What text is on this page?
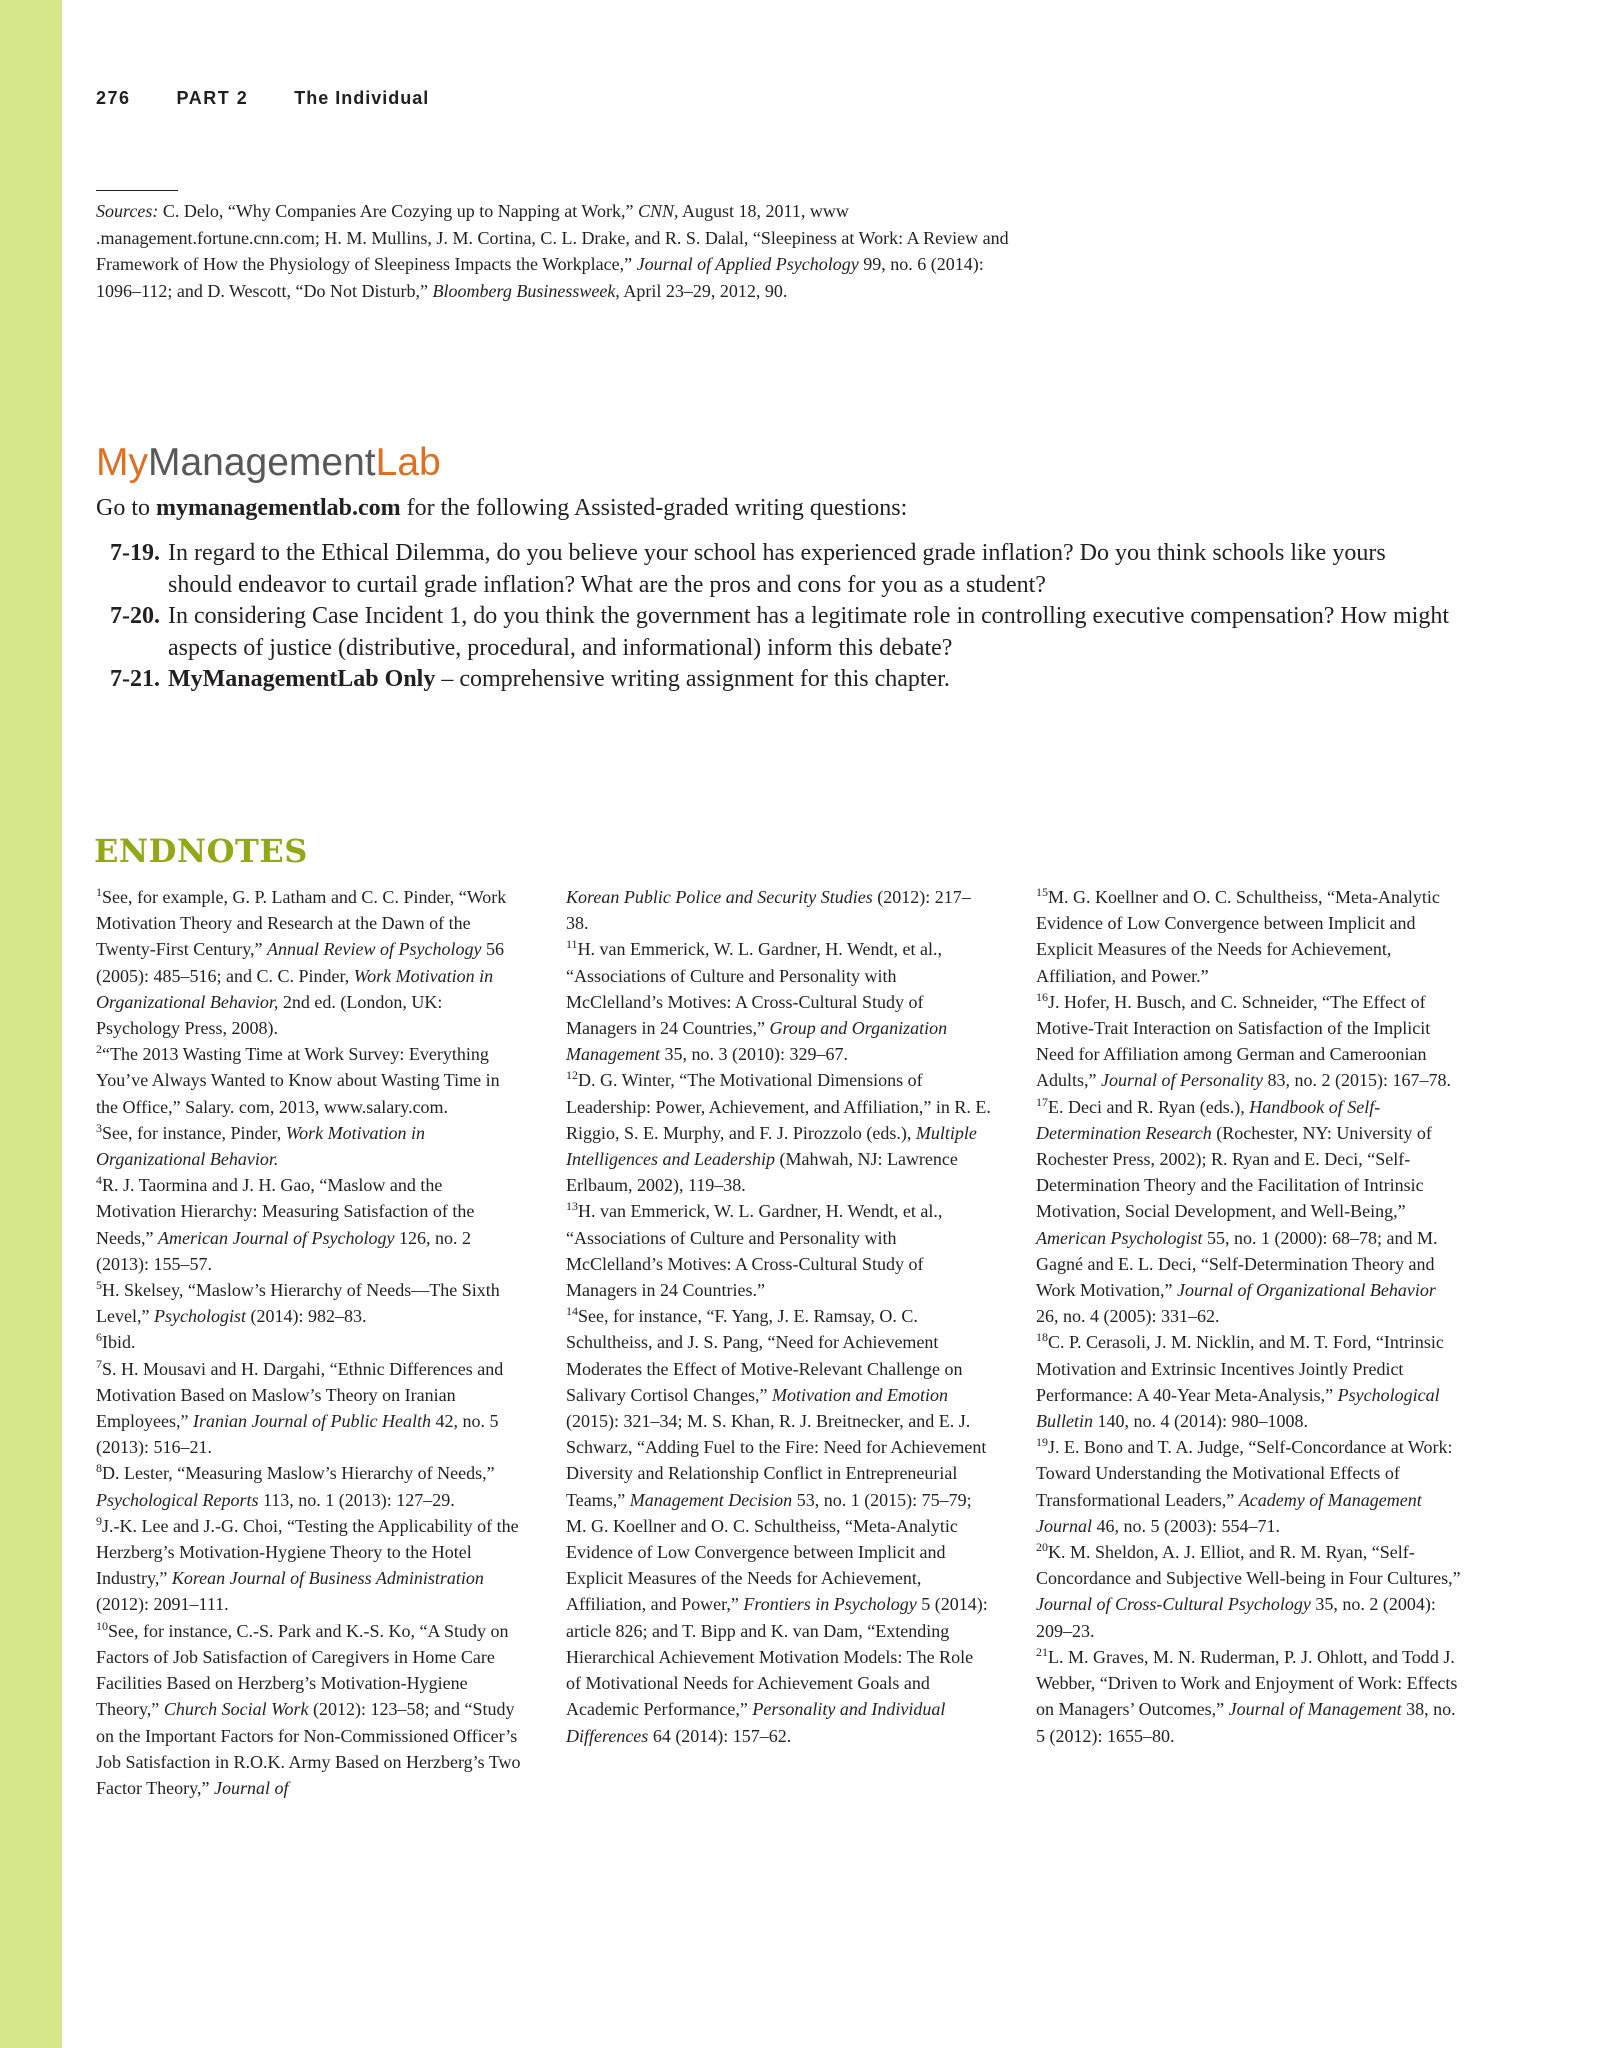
276	PART 2	The Individual
Sources: C. Delo, “Why Companies Are Cozying up to Napping at Work,” CNN, August 18, 2011, www .management.fortune.cnn.com; H. M. Mullins, J. M. Cortina, C. L. Drake, and R. S. Dalal, “Sleepiness at Work: A Review and Framework of How the Physiology of Sleepiness Impacts the Workplace,” Journal of Applied Psychology 99, no. 6 (2014): 1096–112; and D. Wescott, “Do Not Disturb,” Bloomberg Businessweek, April 23–29, 2012, 90.
MyManagementLab
Go to mymanagementlab.com for the following Assisted-graded writing questions:
7-19. In regard to the Ethical Dilemma, do you believe your school has experienced grade inflation? Do you think schools like yours should endeavor to curtail grade inflation? What are the pros and cons for you as a student?
7-20. In considering Case Incident 1, do you think the government has a legitimate role in controlling executive compensation? How might aspects of justice (distributive, procedural, and informational) inform this debate?
7-21. MyManagementLab Only – comprehensive writing assignment for this chapter.
ENDNOTES

$^1$See, for example, G. P. Latham and C. C. Pinder, “Work Motivation Theory and Research at the Dawn of the Twenty-First Century,” Annual Review of Psychology 56 (2005): 485–516; and C. C. Pinder, Work Motivation in Organizational Behavior, 2nd ed. (London, UK: Psychology Press, 2008).

$^2$“The 2013 Wasting Time at Work Survey: Everything You’ve Always Wanted to Know about Wasting Time in the Office,” Salary. com, 2013, www.salary.com.

$^3$See, for instance, Pinder, Work Motivation in Organizational Behavior.

$^4$R. J. Taormina and J. H. Gao, “Maslow and the Motivation Hierarchy: Measuring Satisfaction of the Needs,” American Journal of Psychology 126, no. 2 (2013): 155–57.

$^5$H. Skelsey, “Maslow’s Hierarchy of Needs—The Sixth Level,” Psychologist (2014): 982–83.

$^6$Ibid.

$^7$S. H. Mousavi and H. Dargahi, “Ethnic Differences and Motivation Based on Maslow’s Theory on Iranian Employees,” Iranian Journal of Public Health 42, no. 5 (2013): 516–21.

$^8$D. Lester, “Measuring Maslow’s Hierarchy of Needs,” Psychological Reports 113, no. 1 (2013): 127–29.

$^9$J.-K. Lee and J.-G. Choi, “Testing the Applicability of the Herzberg’s Motivation-Hygiene Theory to the Hotel Industry,” Korean Journal of Business Administration (2012): 2091–111.

$^{10}$See, for instance, C.-S. Park and K.-S. Ko, “A Study on Factors of Job Satisfaction of Caregivers in Home Care Facilities Based on Herzberg’s Motivation-Hygiene Theory,” Church Social Work (2012): 123–58; and “Study on the Important Factors for Non-Commissioned Officer’s Job Satisfaction in R.O.K. Army Based on Herzberg’s Two Factor Theory,” Journal of

Korean Public Police and Security Studies (2012): 217–38.

$^{11}$H. van Emmerick, W. L. Gardner, H. Wendt, et al., “Associations of Culture and Personality with McClelland’s Motives: A Cross-Cultural Study of Managers in 24 Countries,” Group and Organization Management 35, no. 3 (2010): 329–67.

$^{12}$D. G. Winter, “The Motivational Dimensions of Leadership: Power, Achievement, and Affiliation,” in R. E. Riggio, S. E. Murphy, and F. J. Pirozzolo (eds.), Multiple Intelligences and Leadership (Mahwah, NJ: Lawrence Erlbaum, 2002), 119–38.

$^{13}$H. van Emmerick, W. L. Gardner, H. Wendt, et al., “Associations of Culture and Personality with McClelland’s Motives: A Cross-Cultural Study of Managers in 24 Countries.”

$^{14}$See, for instance, “F. Yang, J. E. Ramsay, O. C. Schultheiss, and J. S. Pang, “Need for Achievement Moderates the Effect of Motive-Relevant Challenge on Salivary Cortisol Changes,” Motivation and Emotion (2015): 321–34; M. S. Khan, R. J. Breitnecker, and E. J. Schwarz, “Adding Fuel to the Fire: Need for Achievement Diversity and Relationship Conflict in Entrepreneurial Teams,” Management Decision 53, no. 1 (2015): 75–79; M. G. Koellner and O. C. Schultheiss, “Meta-Analytic Evidence of Low Convergence between Implicit and Explicit Measures of the Needs for Achievement, Affiliation, and Power,” Frontiers in Psychology 5 (2014): article 826; and T. Bipp and K. van Dam, “Extending Hierarchical Achievement Motivation Models: The Role of Motivational Needs for Achievement Goals and Academic Performance,” Personality and Individual Differences 64 (2014): 157–62.

$^{15}$M. G. Koellner and O. C. Schultheiss, “Meta-Analytic Evidence of Low Convergence between Implicit and Explicit Measures of the Needs for Achievement, Affiliation, and Power.”

$^{16}$J. Hofer, H. Busch, and C. Schneider, “The Effect of Motive-Trait Interaction on Satisfaction of the Implicit Need for Affiliation among German and Cameroonian Adults,” Journal of Personality 83, no. 2 (2015): 167–78.

$^{17}$E. Deci and R. Ryan (eds.), Handbook of Self-Determination Research (Rochester, NY: University of Rochester Press, 2002); R. Ryan and E. Deci, “Self-Determination Theory and the Facilitation of Intrinsic Motivation, Social Development, and Well-Being,” American Psychologist 55, no. 1 (2000): 68–78; and M. Gagné and E. L. Deci, “Self-Determination Theory and Work Motivation,” Journal of Organizational Behavior 26, no. 4 (2005): 331–62.

$^{18}$C. P. Cerasoli, J. M. Nicklin, and M. T. Ford, “Intrinsic Motivation and Extrinsic Incentives Jointly Predict Performance: A 40-Year Meta-Analysis,” Psychological Bulletin 140, no. 4 (2014): 980–1008.

$^{19}$J. E. Bono and T. A. Judge, “Self-Concordance at Work: Toward Understanding the Motivational Effects of Transformational Leaders,” Academy of Management Journal 46, no. 5 (2003): 554–71.

$^{20}$K. M. Sheldon, A. J. Elliot, and R. M. Ryan, “Self-Concordance and Subjective Well-being in Four Cultures,” Journal of Cross-Cultural Psychology 35, no. 2 (2004): 209–23.

$^{21}$L. M. Graves, M. N. Ruderman, P. J. Ohlott, and Todd J. Webber, “Driven to Work and Enjoyment of Work: Effects on Managers’ Outcomes,” Journal of Management 38, no. 5 (2012): 1655–80.
